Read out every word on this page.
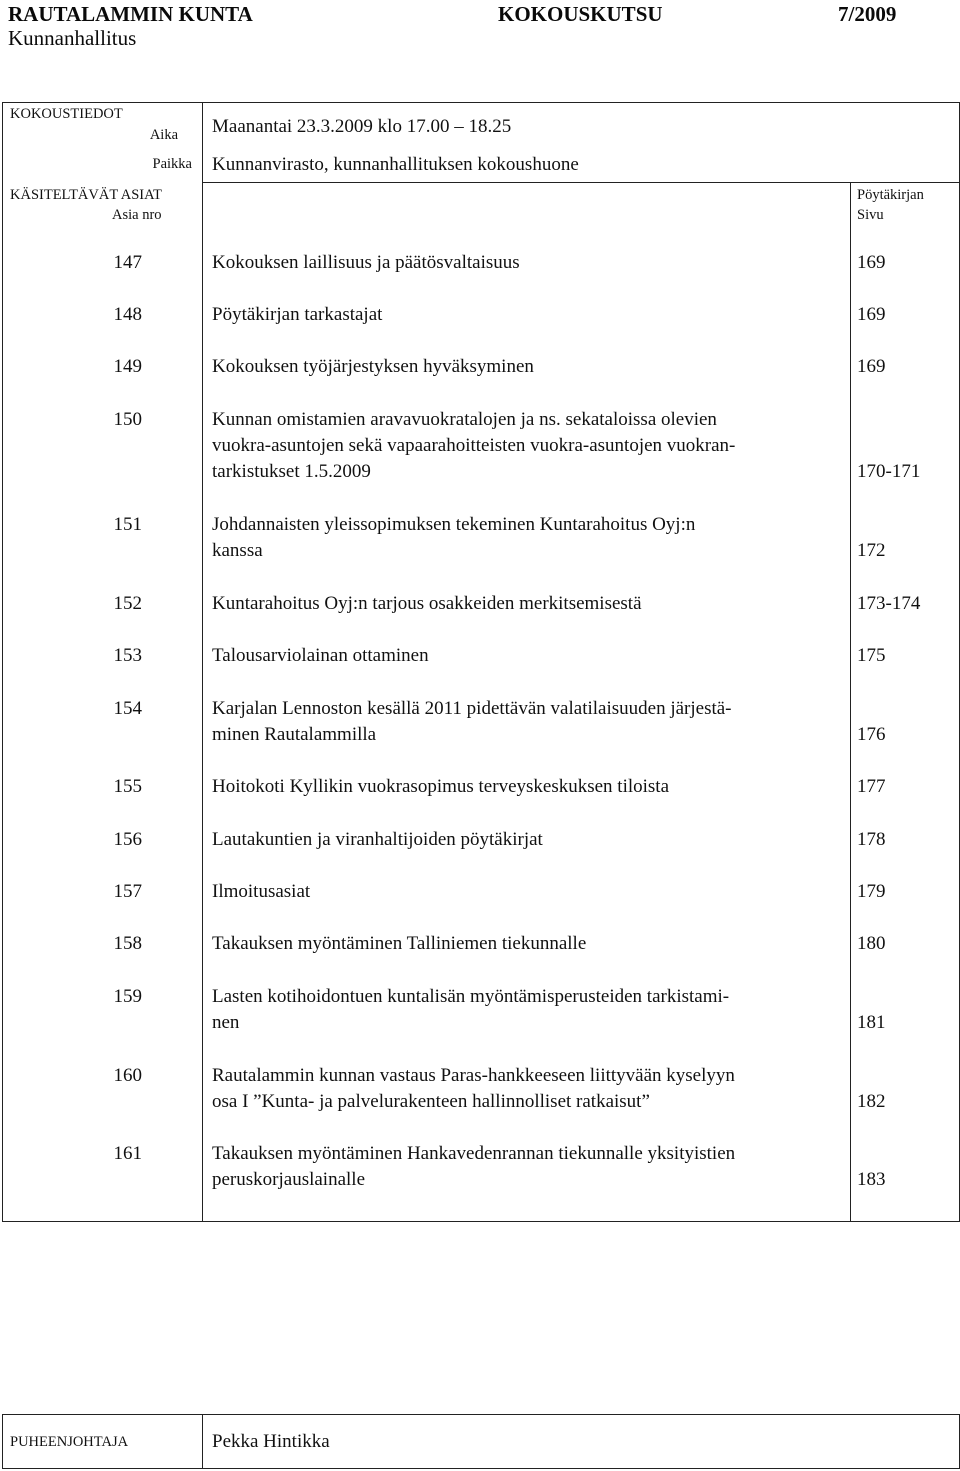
RAUTALAMMIN KUNTA	KOKOUSKUTSU	7/2009
Kunnanhallitus
KOKOUSTIEDOT
Aika Maanantai 23.3.2009 klo 17.00 – 18.25
Paikka Kunnanvirasto, kunnanhallituksen kokoushuone
KÄSITELTÄVÄT ASIAT
Asia nro
Pöytäkirjan
Sivu
147	Kokouksen laillisuus ja päätösvaltaisuus	169
148	Pöytäkirjan tarkastajat	169
149	Kokouksen työjärjestyksen hyväksyminen	169
150	Kunnan omistamien aravavuokratalojen ja ns. sekataloissa olevien
vuokra-asuntojen sekä vapaarahoitteisten vuokra-asuntojen vuokran-
tarkistukset 1.5.2009	170-171
151	Johdannaisten yleissopimuksen tekeminen Kuntarahoitus Oyj:n
kanssa	172
152	Kuntarahoitus Oyj:n tarjous osakkeiden merkitsemisestä	173-174
153	Talousarviolainan ottaminen	175
154	Karjalan Lennoston kesällä 2011 pidettävän valatilaisuuden järjestä-
minen Rautalammilla	176
155	Hoitokoti Kyllikin vuokrasopimus terveyskeskuksen tiloista	177
156	Lautakuntien ja viranhaltijoiden pöytäkirjat	178
157	Ilmoitusasiat	179
158	Takauksen myöntäminen Talliniemen tiekunnalle	180
159	Lasten kotihoidontuen kuntalisän myöntämisperusteiden tarkistami-
nen	181
160	Rautalammin kunnan vastaus Paras-hankkeeseen liittyvään kyselyyn
osa I ”Kunta- ja palvelurakenteen hallinnolliset ratkaisut”	182
161	Takauksen myöntäminen Hankavedenrannan tiekunnalle yksityistien
peruskorjauslainalle	183
PUHEENJOHTAJA	Pekka Hintikka
